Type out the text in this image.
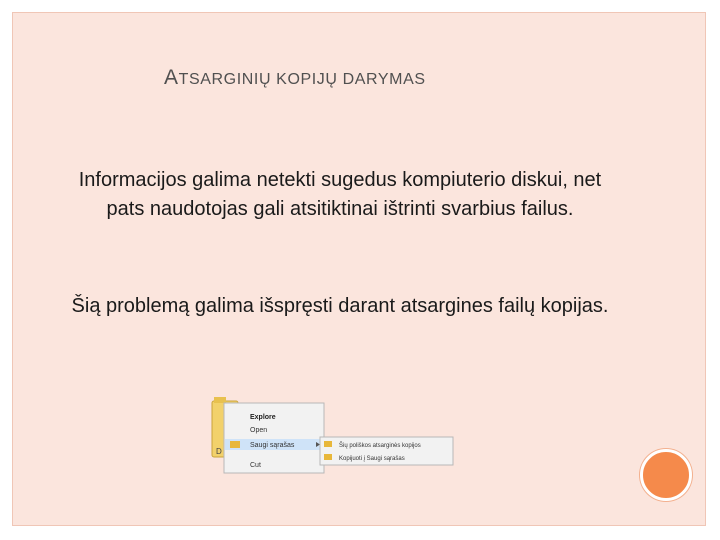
ATSARGINIŲ KOPIJŲ DARYMAS
Informacijos galima netekti sugedus kompiuterio diskui, net pats naudotojas gali atsitiktinai ištrinti svarbius failus.
Šią problemą galima išspręsti darant atsargines failų kopijas.
D
Explore
Open
Saugi sąrašas
Cut
Šių poliškos atsarginės kopijos
Kopijuoti į Saugi sąrašas
